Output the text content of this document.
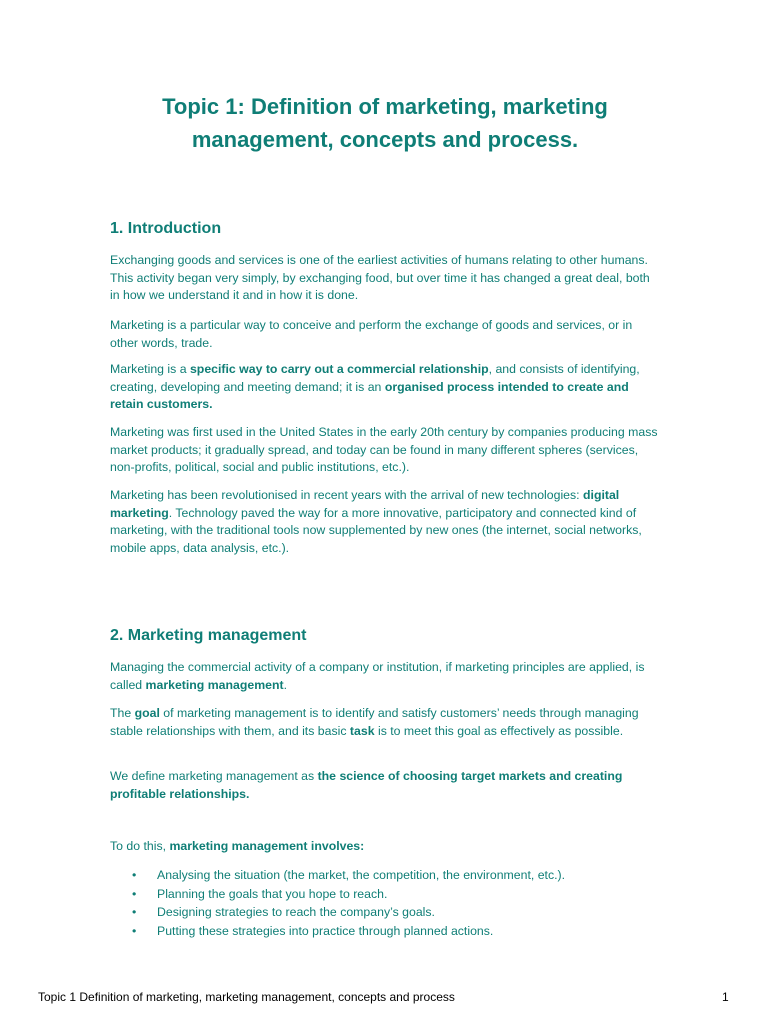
Topic 1: Definition of marketing, marketing management, concepts and process.
1. Introduction

Exchanging goods and services is one of the earliest activities of humans relating to other humans. This activity began very simply, by exchanging food, but over time it has changed a great deal, both in how we understand it and in how it is done.

Marketing is a particular way to conceive and perform the exchange of goods and services, or in other words, trade.

Marketing is a specific way to carry out a commercial relationship, and consists of identifying, creating, developing and meeting demand; it is an organised process intended to create and retain customers.

Marketing was first used in the United States in the early 20th century by companies producing mass market products; it gradually spread, and today can be found in many different spheres (services, non-profits, political, social and public institutions, etc.).

Marketing has been revolutionised in recent years with the arrival of new technologies: digital marketing. Technology paved the way for a more innovative, participatory and connected kind of marketing, with the traditional tools now supplemented by new ones (the internet, social networks, mobile apps, data analysis, etc.).

2. Marketing management

Managing the commercial activity of a company or institution, if marketing principles are applied, is called marketing management.

The goal of marketing management is to identify and satisfy customers’ needs through managing stable relationships with them, and its basic task is to meet this goal as effectively as possible.

We define marketing management as the science of choosing target markets and creating profitable relationships.

To do this, marketing management involves:

• Analysing the situation (the market, the competition, the environment, etc.).
• Planning the goals that you hope to reach.
• Designing strategies to reach the company’s goals.
• Putting these strategies into practice through planned actions.
Topic 1 Definition of marketing, marketing management, concepts and process	1
